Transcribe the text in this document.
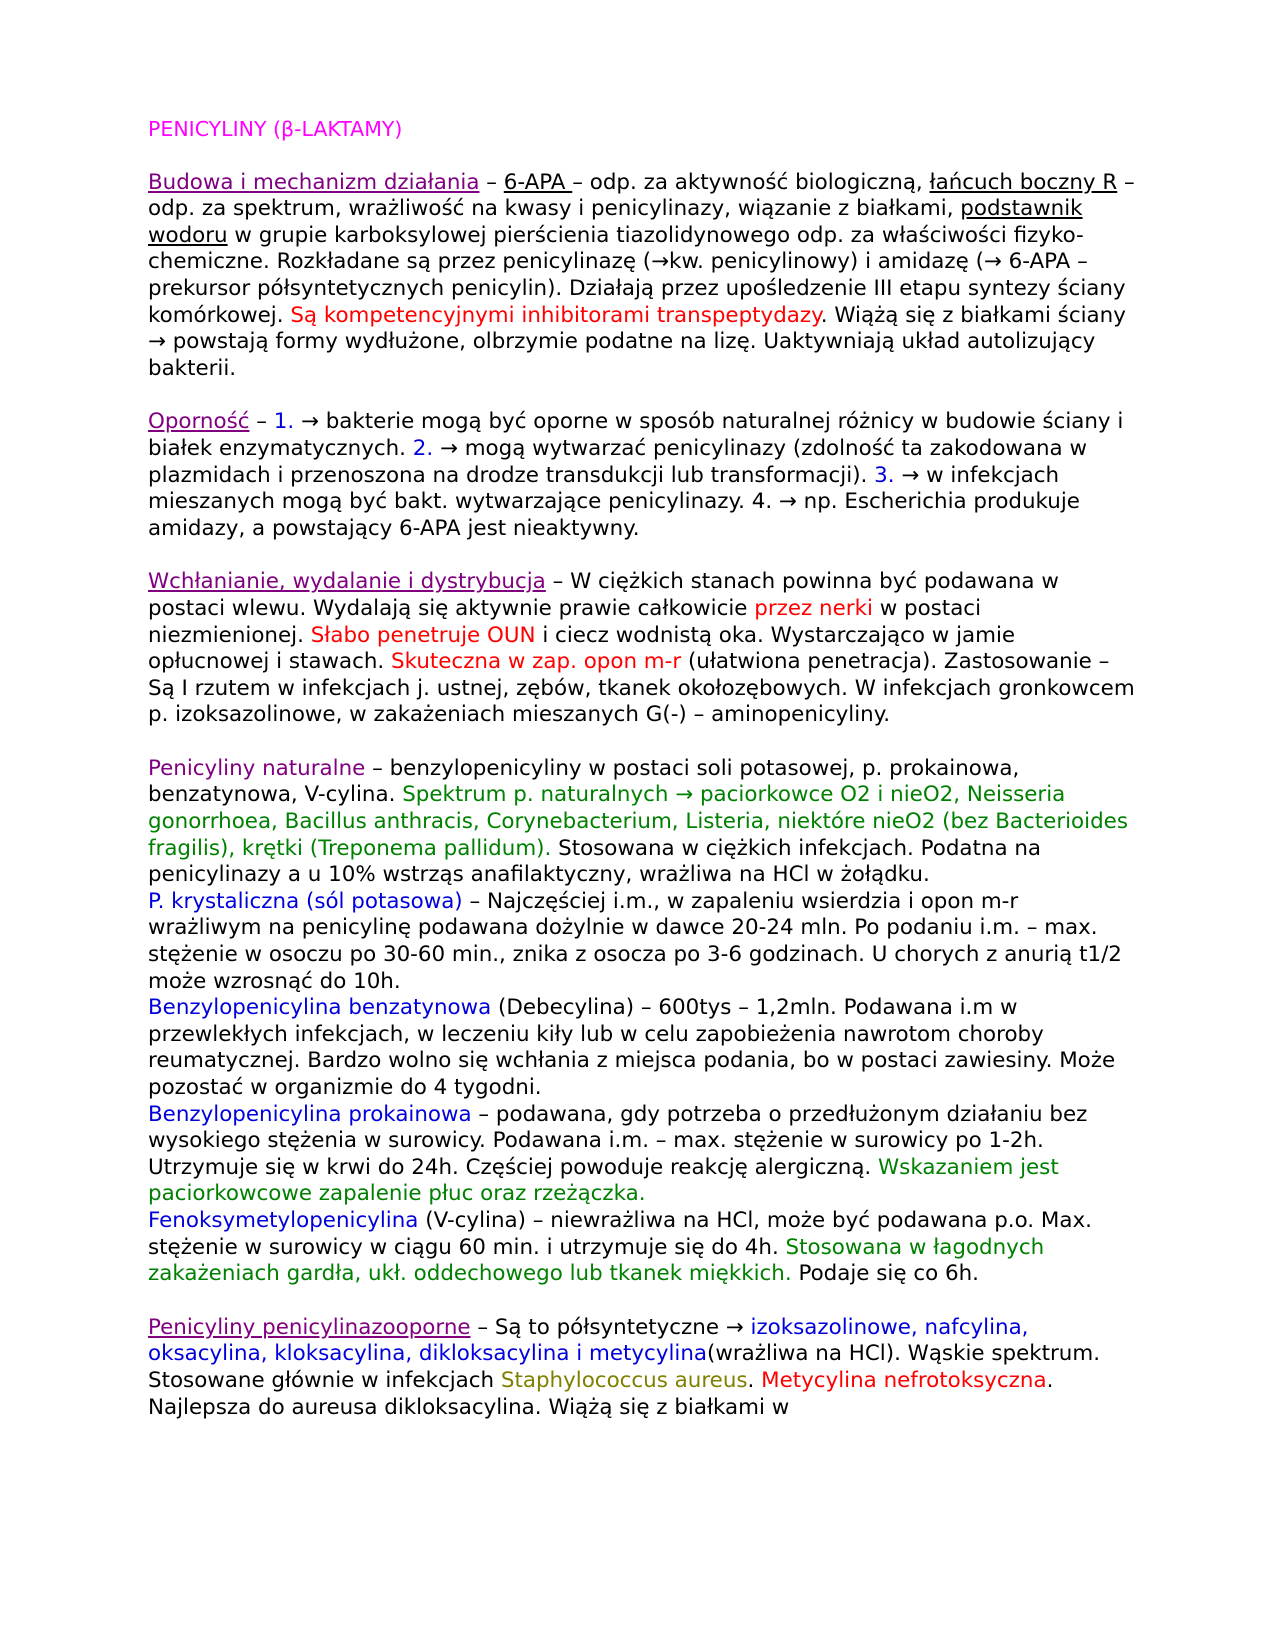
PENICYLINY (β-LAKTAMY)

Budowa i mechanizm działania – 6-APA – odp. za aktywność biologiczną, łańcuch boczny R – odp. za spektrum, wrażliwość na kwasy i penicylinazy, wiązanie z białkami, podstawnik wodoru w grupie karboksylowej pierścienia tiazolidynowego odp. za właściwości fizyko-chemiczne. Rozkładane są przez penicylinazę (→kw. penicylinowy) i amidazę (→ 6-APA – prekursor półsyntetycznych penicylin). Działają przez upośledzenie III etapu syntezy ściany komórkowej. Są kompetencyjnymi inhibitorami transpeptydazy. Wiążą się z białkami ściany → powstają formy wydłużone, olbrzymie podatne na lizę. Uaktywniają układ autolizujący bakterii.

Oporność – 1. → bakterie mogą być oporne w sposób naturalnej różnicy w budowie ściany i białek enzymatycznych. 2. → mogą wytwarzać penicylinazy (zdolność ta zakodowana w plazmidach i przenoszona na drodze transdukcji lub transformacji). 3. → w infekcjach mieszanych mogą być bakt. wytwarzające penicylinazy. 4. → np. Escherichia produkuje amidazy, a powstający 6-APA jest nieaktywny.

Wchłanianie, wydalanie i dystrybucja – W ciężkich stanach powinna być podawana w postaci wlewu. Wydalają się aktywnie prawie całkowicie przez nerki w postaci niezmienionej. Słabo penetruje OUN i ciecz wodnistą oka. Wystarczająco w jamie opłucnowej i stawach. Skuteczna w zap. opon m-r (ułatwiona penetracja). Zastosowanie – Są I rzutem w infekcjach j. ustnej, zębów, tkanek okołozębowych. W infekcjach gronkowcem p. izoksazolinowe, w zakażeniach mieszanych G(-) – aminopenicyliny.

Penicyliny naturalne – benzylopenicyliny w postaci soli potasowej, p. prokainowa, benzatynowa, V-cylina. Spektrum p. naturalnych → paciorkowce O2 i nieO2, Neisseria gonorrhoea, Bacillus anthracis, Corynebacterium, Listeria, niektóre nieO2 (bez Bacterioides fragilis), krętki (Treponema pallidum). Stosowana w ciężkich infekcjach. Podatna na penicylinazy a u 10% wstrząs anafilaktyczny, wrażliwa na HCl w żołądku.

P. krystaliczna (sól potasowa) – Najczęściej i.m., w zapaleniu wsierdzia i opon m-r wrażliwym na penicylinę podawana dożylnie w dawce 20-24 mln. Po podaniu i.m. – max. stężenie w osoczu po 30-60 min., znika z osocza po 3-6 godzinach. U chorych z anurią t1/2 może wzrosnąć do 10h.

Benzylopenicylina benzatynowa (Debecylina) – 600tys – 1,2mln. Podawana i.m w przewlekłych infekcjach, w leczeniu kiły lub w celu zapobieżenia nawrotom choroby reumatycznej. Bardzo wolno się wchłania z miejsca podania, bo w postaci zawiesiny. Może pozostać w organizmie do 4 tygodni.

Benzylopenicylina prokainowa – podawana, gdy potrzeba o przedłużonym działaniu bez wysokiego stężenia w surowicy. Podawana i.m. – max. stężenie w surowicy po 1-2h. Utrzymuje się w krwi do 24h. Częściej powoduje reakcję alergiczną. Wskazaniem jest paciorkowcowe zapalenie płuc oraz rzeżączka.

Fenoksymetylopenicylina (V-cylina) – niewrażliwa na HCl, może być podawana p.o. Max. stężenie w surowicy w ciągu 60 min. i utrzymuje się do 4h. Stosowana w łagodnych zakażeniach gardła, ukł. oddechowego lub tkanek miękkich. Podaje się co 6h.

Penicyliny penicylinazooporne – Są to półsyntetyczne → izoksazolinowe, nafcylina, oksacylina, kloksacylina, dikloksacylina i metycylina(wrażliwa na HCl). Wąskie spektrum. Stosowane głównie w infekcjach Staphylococcus aureus. Metycylina nefrotoksyczna. Najlepsza do aureusa dikloksacylina. Wiążą się z białkami w
